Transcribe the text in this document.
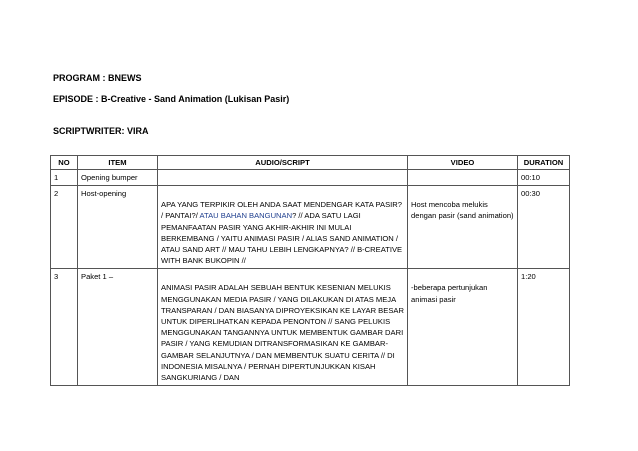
PROGRAM : BNEWS
EPISODE : B-Creative - Sand Animation (Lukisan Pasir)
SCRIPTWRITER: VIRA
NO	ITEM	AUDIO/SCRIPT	VIDEO	DURATION
1	Opening bumper			00:10
2	Host-opening	APA YANG TERPIKIR OLEH ANDA SAAT MENDENGAR KATA PASIR? / PANTAI?/ ATAU BAHAN BANGUNAN? // ADA SATU LAGI PEMANFAATAN PASIR YANG AKHIR-AKHIR INI MULAI BERKEMBANG / YAITU ANIMASI PASIR / ALIAS SAND ANIMATION / ATAU SAND ART // MAU TAHU LEBIH LENGKAPNYA? // B-CREATIVE WITH BANK BUKOPIN //	Host mencoba melukis dengan pasir (sand animation)	00:30
3	Paket 1 –	ANIMASI PASIR ADALAH SEBUAH BENTUK KESENIAN MELUKIS MENGGUNAKAN MEDIA PASIR / YANG DILAKUKAN DI ATAS MEJA TRANSPARAN / DAN BIASANYA DIPROYEKSIKAN KE LAYAR BESAR UNTUK DIPERLIHATKAN KEPADA PENONTON // SANG PELUKIS MENGGUNAKAN TANGANNYA UNTUK MEMBENTUK GAMBAR DARI PASIR / YANG KEMUDIAN DITRANSFORMASIKAN KE GAMBAR-GAMBAR SELANJUTNYA / DAN MEMBENTUK SUATU CERITA // DI INDONESIA MISALNYA / PERNAH DIPERTUNJUKKAN KISAH SANGKURIANG / DAN	-beberapa pertunjukan animasi pasir	1:20
